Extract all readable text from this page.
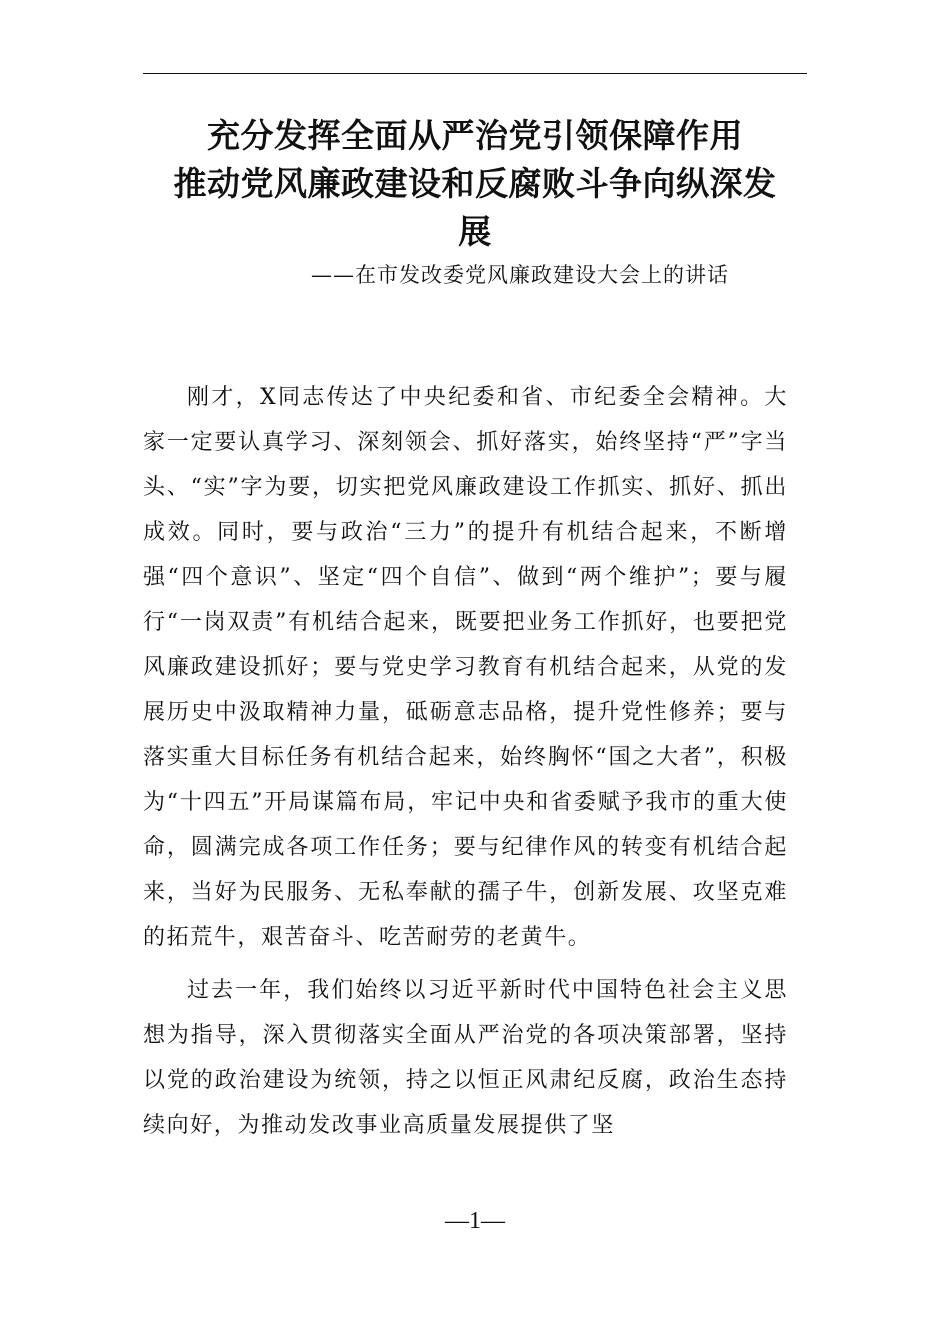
充分发挥全面从严治党引领保障作用
推动党风廉政建设和反腐败斗争向纵深发
展
——在市发改委党风廉政建设大会上的讲话

刚才，X同志传达了中央纪委和省、市纪委全会精神。大家一定要认真学习、深刻领会、抓好落实，始终坚持“严”字当头、“实”字为要，切实把党风廉政建设工作抓实、抓好、抓出成效。同时，要与政治“三力”的提升有机结合起来，不断增强“四个意识”、坚定“四个自信”、做到“两个维护”；要与履行“一岗双责”有机结合起来，既要把业务工作抓好，也要把党风廉政建设抓好；要与党史学习教育有机结合起来，从党的发展历史中汲取精神力量，砥砺意志品格，提升党性修养；要与落实重大目标任务有机结合起来，始终胸怀“国之大者”，积极为“十四五”开局谋篇布局，牢记中央和省委赋予我市的重大使命，圆满完成各项工作任务；要与纪律作风的转变有机结合起来，当好为民服务、无私奉献的孺子牛，创新发展、攻坚克难的拓荒牛，艰苦奋斗、吃苦耐劳的老黄牛。

过去一年，我们始终以习近平新时代中国特色社会主义思想为指导，深入贯彻落实全面从严治党的各项决策部署，坚持以党的政治建设为统领，持之以恒正风肃纪反腐，政治生态持续向好，为推动发改事业高质量发展提供了坚

—1—
